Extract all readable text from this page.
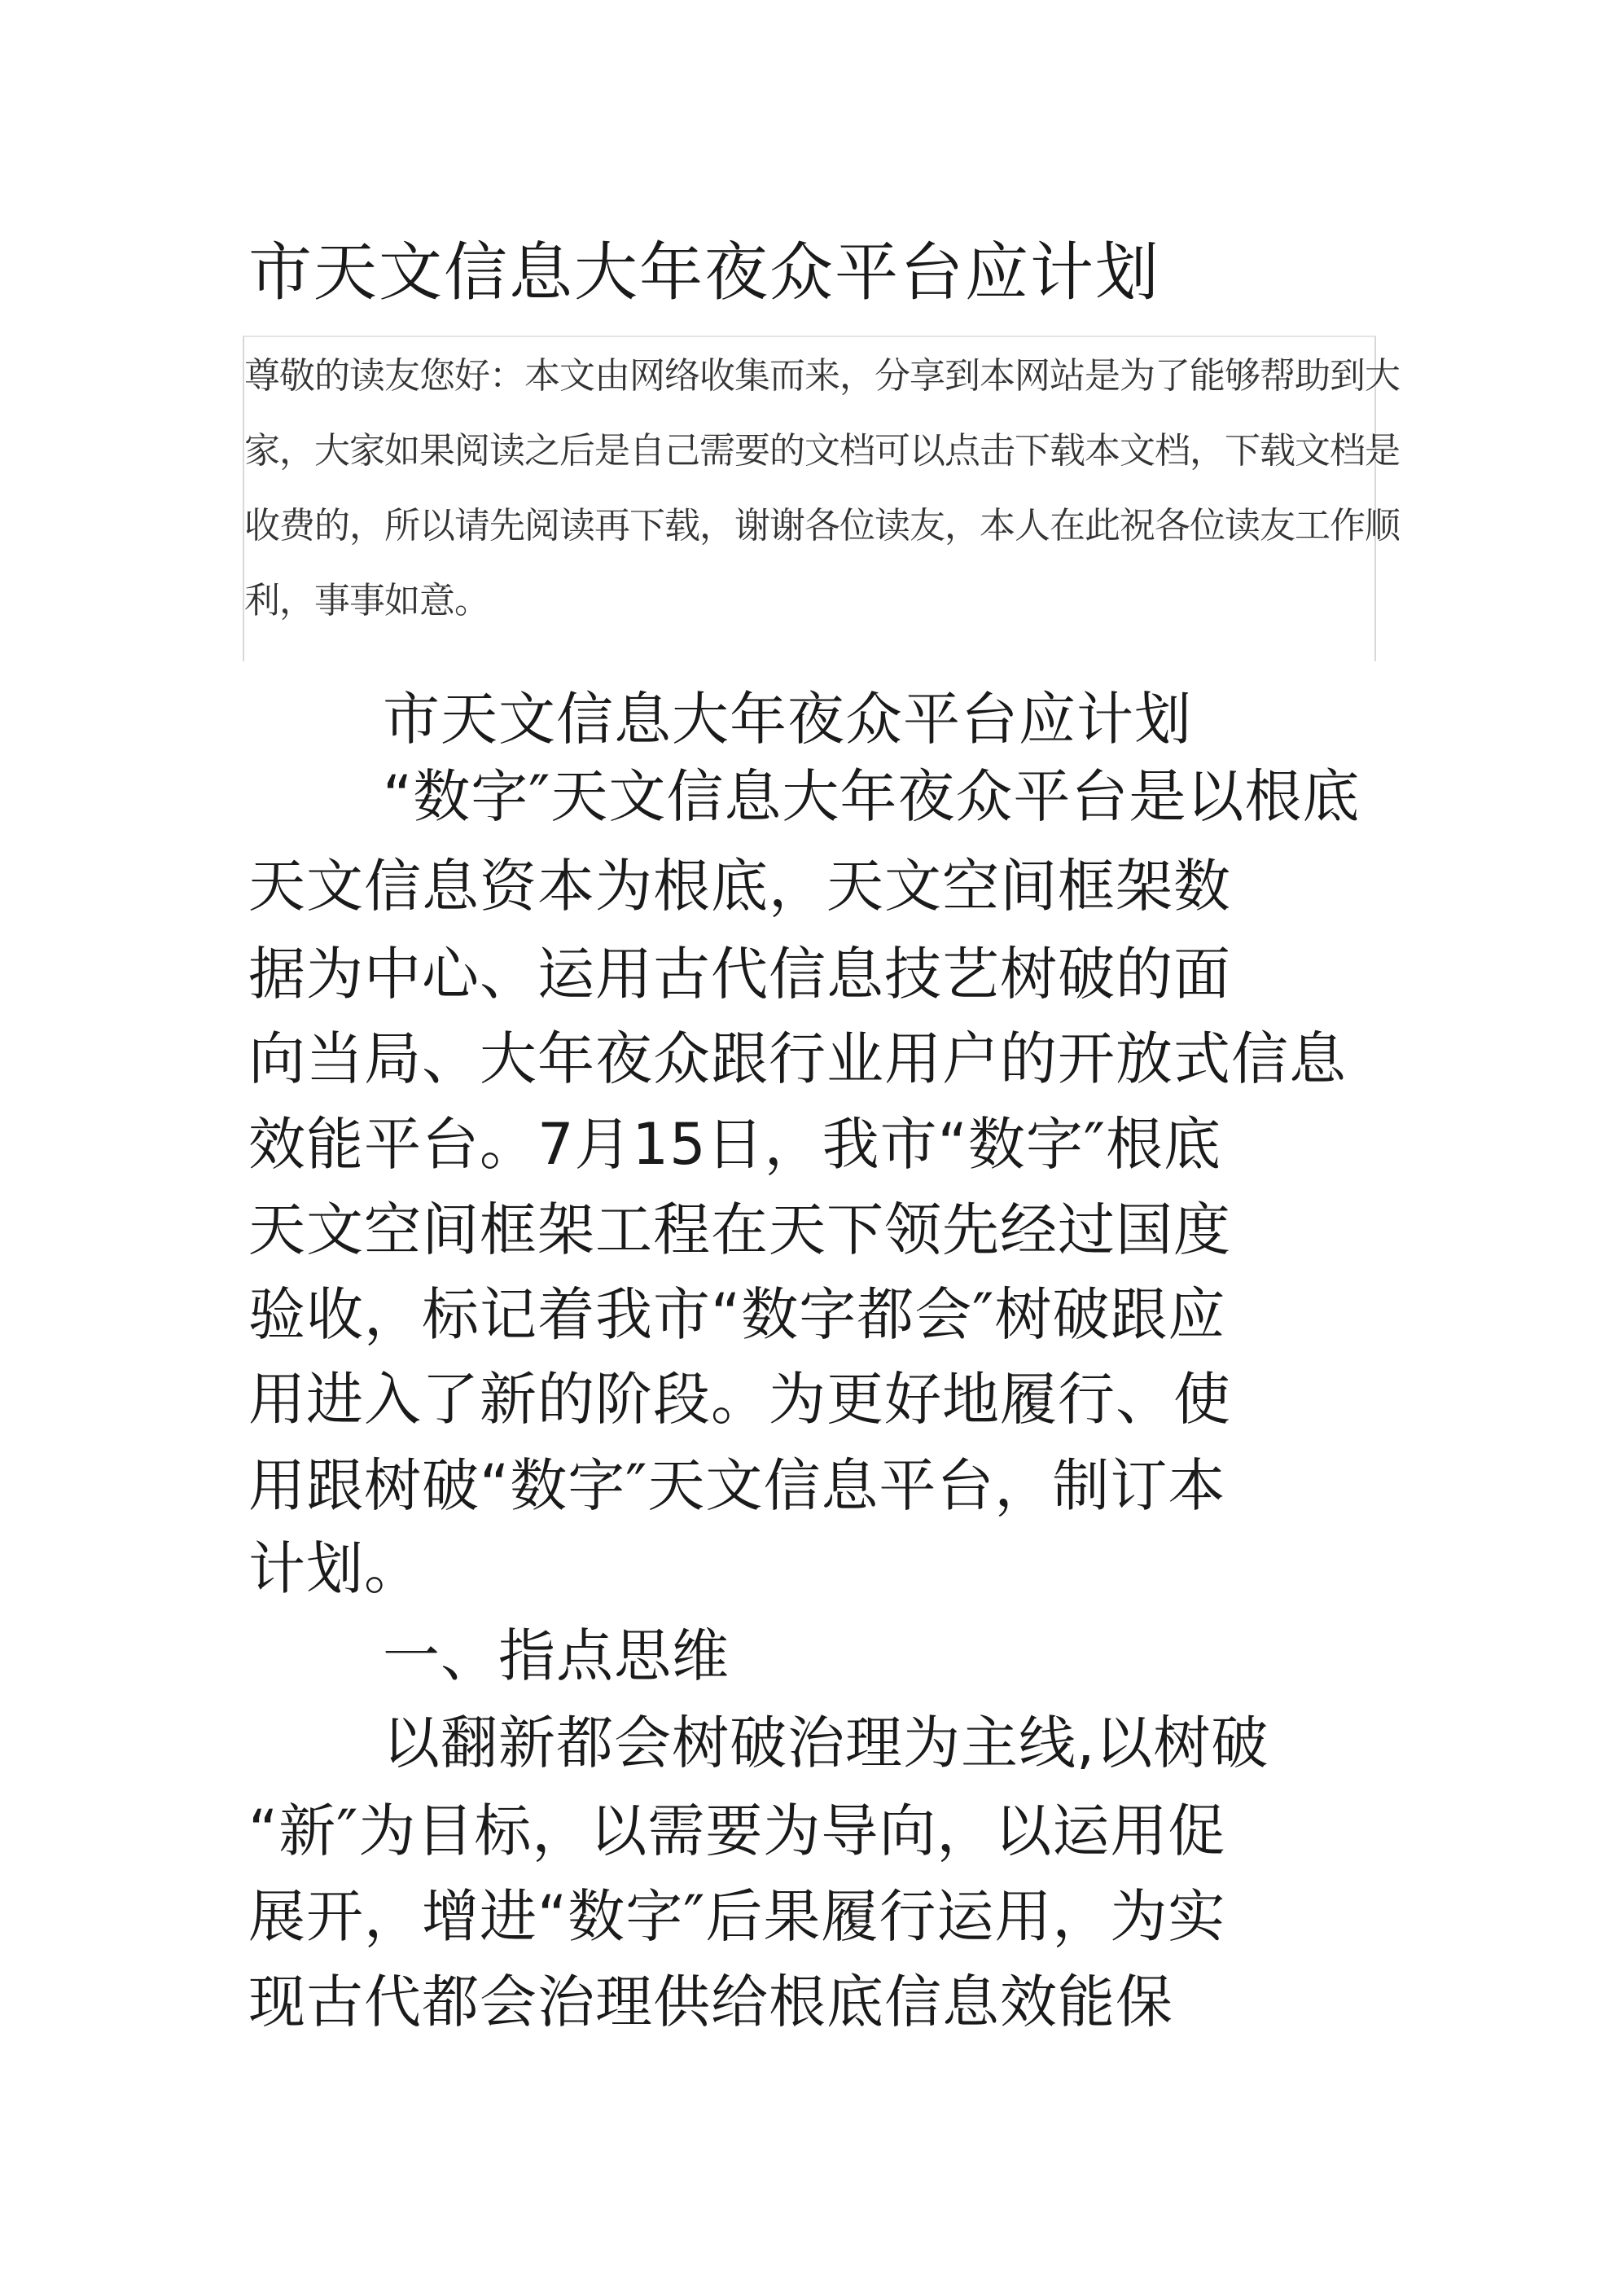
市天文信息大年夜众平台应计划
尊敬的读友您好：本文由网络收集而来，分享到本网站是为了能够帮助到大
家，大家如果阅读之后是自己需要的文档可以点击下载本文档，下载文档是
收费的，所以请先阅读再下载，谢谢各位读友，本人在此祝各位读友工作顺
利，事事如意。
市天文信息大年夜众平台应计划
“数字″天文信息大年夜众平台是以根底
天文信息资本为根底，天文空间框架数
据为中心、运用古代信息技艺树破的面
向当局、大年夜众跟行业用户的开放式信息
效能平台。7月15日，我市“数字″根底
天文空间框架工程在天下领先经过国度
验收，标记着我市“数字都会″树破跟应
用进入了新的阶段。为更好地履行、使
用跟树破“数字″天文信息平台，制订本
计划。
一、指点思维
以翻新都会树破治理为主线,以树破
“新″为目标，以需要为导向，以运用促
展开，增进“数字″后果履行运用，为实
现古代都会治理供给根底信息效能保
